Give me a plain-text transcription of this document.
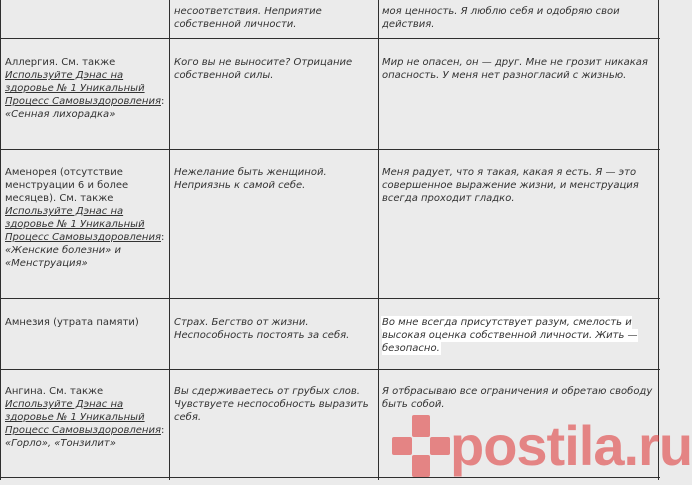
несоответствия. Неприятие собственной личности.
моя ценность. Я люблю себя и одобряю свои действия.
Аллергия. См. также Используйте Дэнас на здоровье № 1 Уникальный Процесс Самовыздоровления: «Сенная лихорадка»
Кого вы не выносите? Отрицание собственной силы.
Мир не опасен, он — друг. Мне не грозит никакая опасность. У меня нет разногласий с жизнью.
Аменорея (отсутствие менструации 6 и более месяцев). См. также Используйте Дэнас на здоровье № 1 Уникальный Процесс Самовыздоровления: «Женские болезни» и «Менструация»
Нежелание быть женщиной. Неприязнь к самой себе.
Меня радует, что я такая, какая я есть. Я — это совершенное выражение жизни, и менструация всегда проходит гладко.
Амнезия (утрата памяти)	Страх. Бегство от жизни. Неспособность постоять за себя.
Во мне всегда присутствует разум, смелость и высокая оценка собственной личности. Жить — безопасно.
Ангина. См. также Используйте Дэнас на здоровье № 1 Уникальный Процесс Самовыздоровления: «Горло», «Тонзилит»
Вы сдерживаетесь от грубых слов. Чувствуете неспособность выразить себя.
Я отбрасываю все ограничения и обретаю свободу быть собой.
postila.ru
